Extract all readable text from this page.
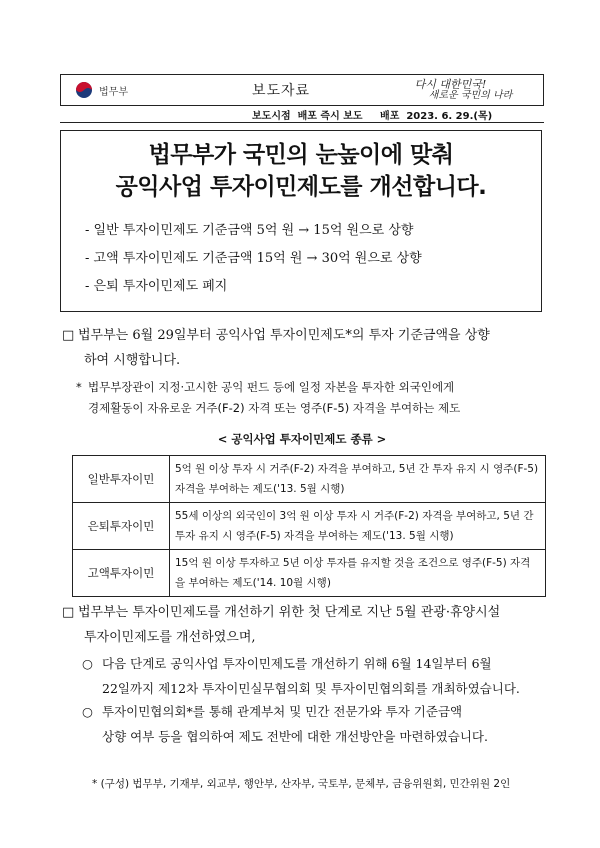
법무부	보도자료	다시 대한민국!
새로운 국민의 나라
보도시점 배포 즉시 보도 배포 2023. 6. 29.(목)
법무부가 국민의 눈높이에 맞춰
공익사업 투자이민제도를 개선합니다.
- 일반 투자이민제도 기준금액 5억 원 → 15억 원으로 상향
- 고액 투자이민제도 기준금액 15억 원 → 30억 원으로 상향
- 은퇴 투자이민제도 폐지
□ 법무부는 6월 29일부터 공익사업 투자이민제도*의 투자 기준금액을 상향
하여 시행합니다.
* 법무부장관이 지정·고시한 공익 펀드 등에 일정 자본을 투자한 외국인에게
경제활동이 자유로운 거주(F-2) 자격 또는 영주(F-5) 자격을 부여하는 제도
< 공익사업 투자이민제도 종류 >
일반투자이민	5억 원 이상 투자 시 거주(F-2) 자격을 부여하고, 5년 간 투자 유지 시 영주(F-5) 자격을 부여하는 제도('13. 5월 시행)
은퇴투자이민	55세 이상의 외국인이 3억 원 이상 투자 시 거주(F-2) 자격을 부여하고, 5년 간 투자 유지 시 영주(F-5) 자격을 부여하는 제도('13. 5월 시행)
고액투자이민	15억 원 이상 투자하고 5년 이상 투자를 유지할 것을 조건으로 영주(F-5) 자격을 부여하는 제도('14. 10월 시행)
□ 법무부는 투자이민제도를 개선하기 위한 첫 단계로 지난 5월 관광·휴양시설
투자이민제도를 개선하였으며,
○ 다음 단계로 공익사업 투자이민제도를 개선하기 위해 6월 14일부터 6월
22일까지 제12차 투자이민실무협의회 및 투자이민협의회를 개최하였습니다.
○ 투자이민협의회*를 통해 관계부처 및 민간 전문가와 투자 기준금액
상향 여부 등을 협의하여 제도 전반에 대한 개선방안을 마련하였습니다.
* (구성) 법무부, 기재부, 외교부, 행안부, 산자부, 국토부, 문체부, 금융위원회, 민간위원 2인
